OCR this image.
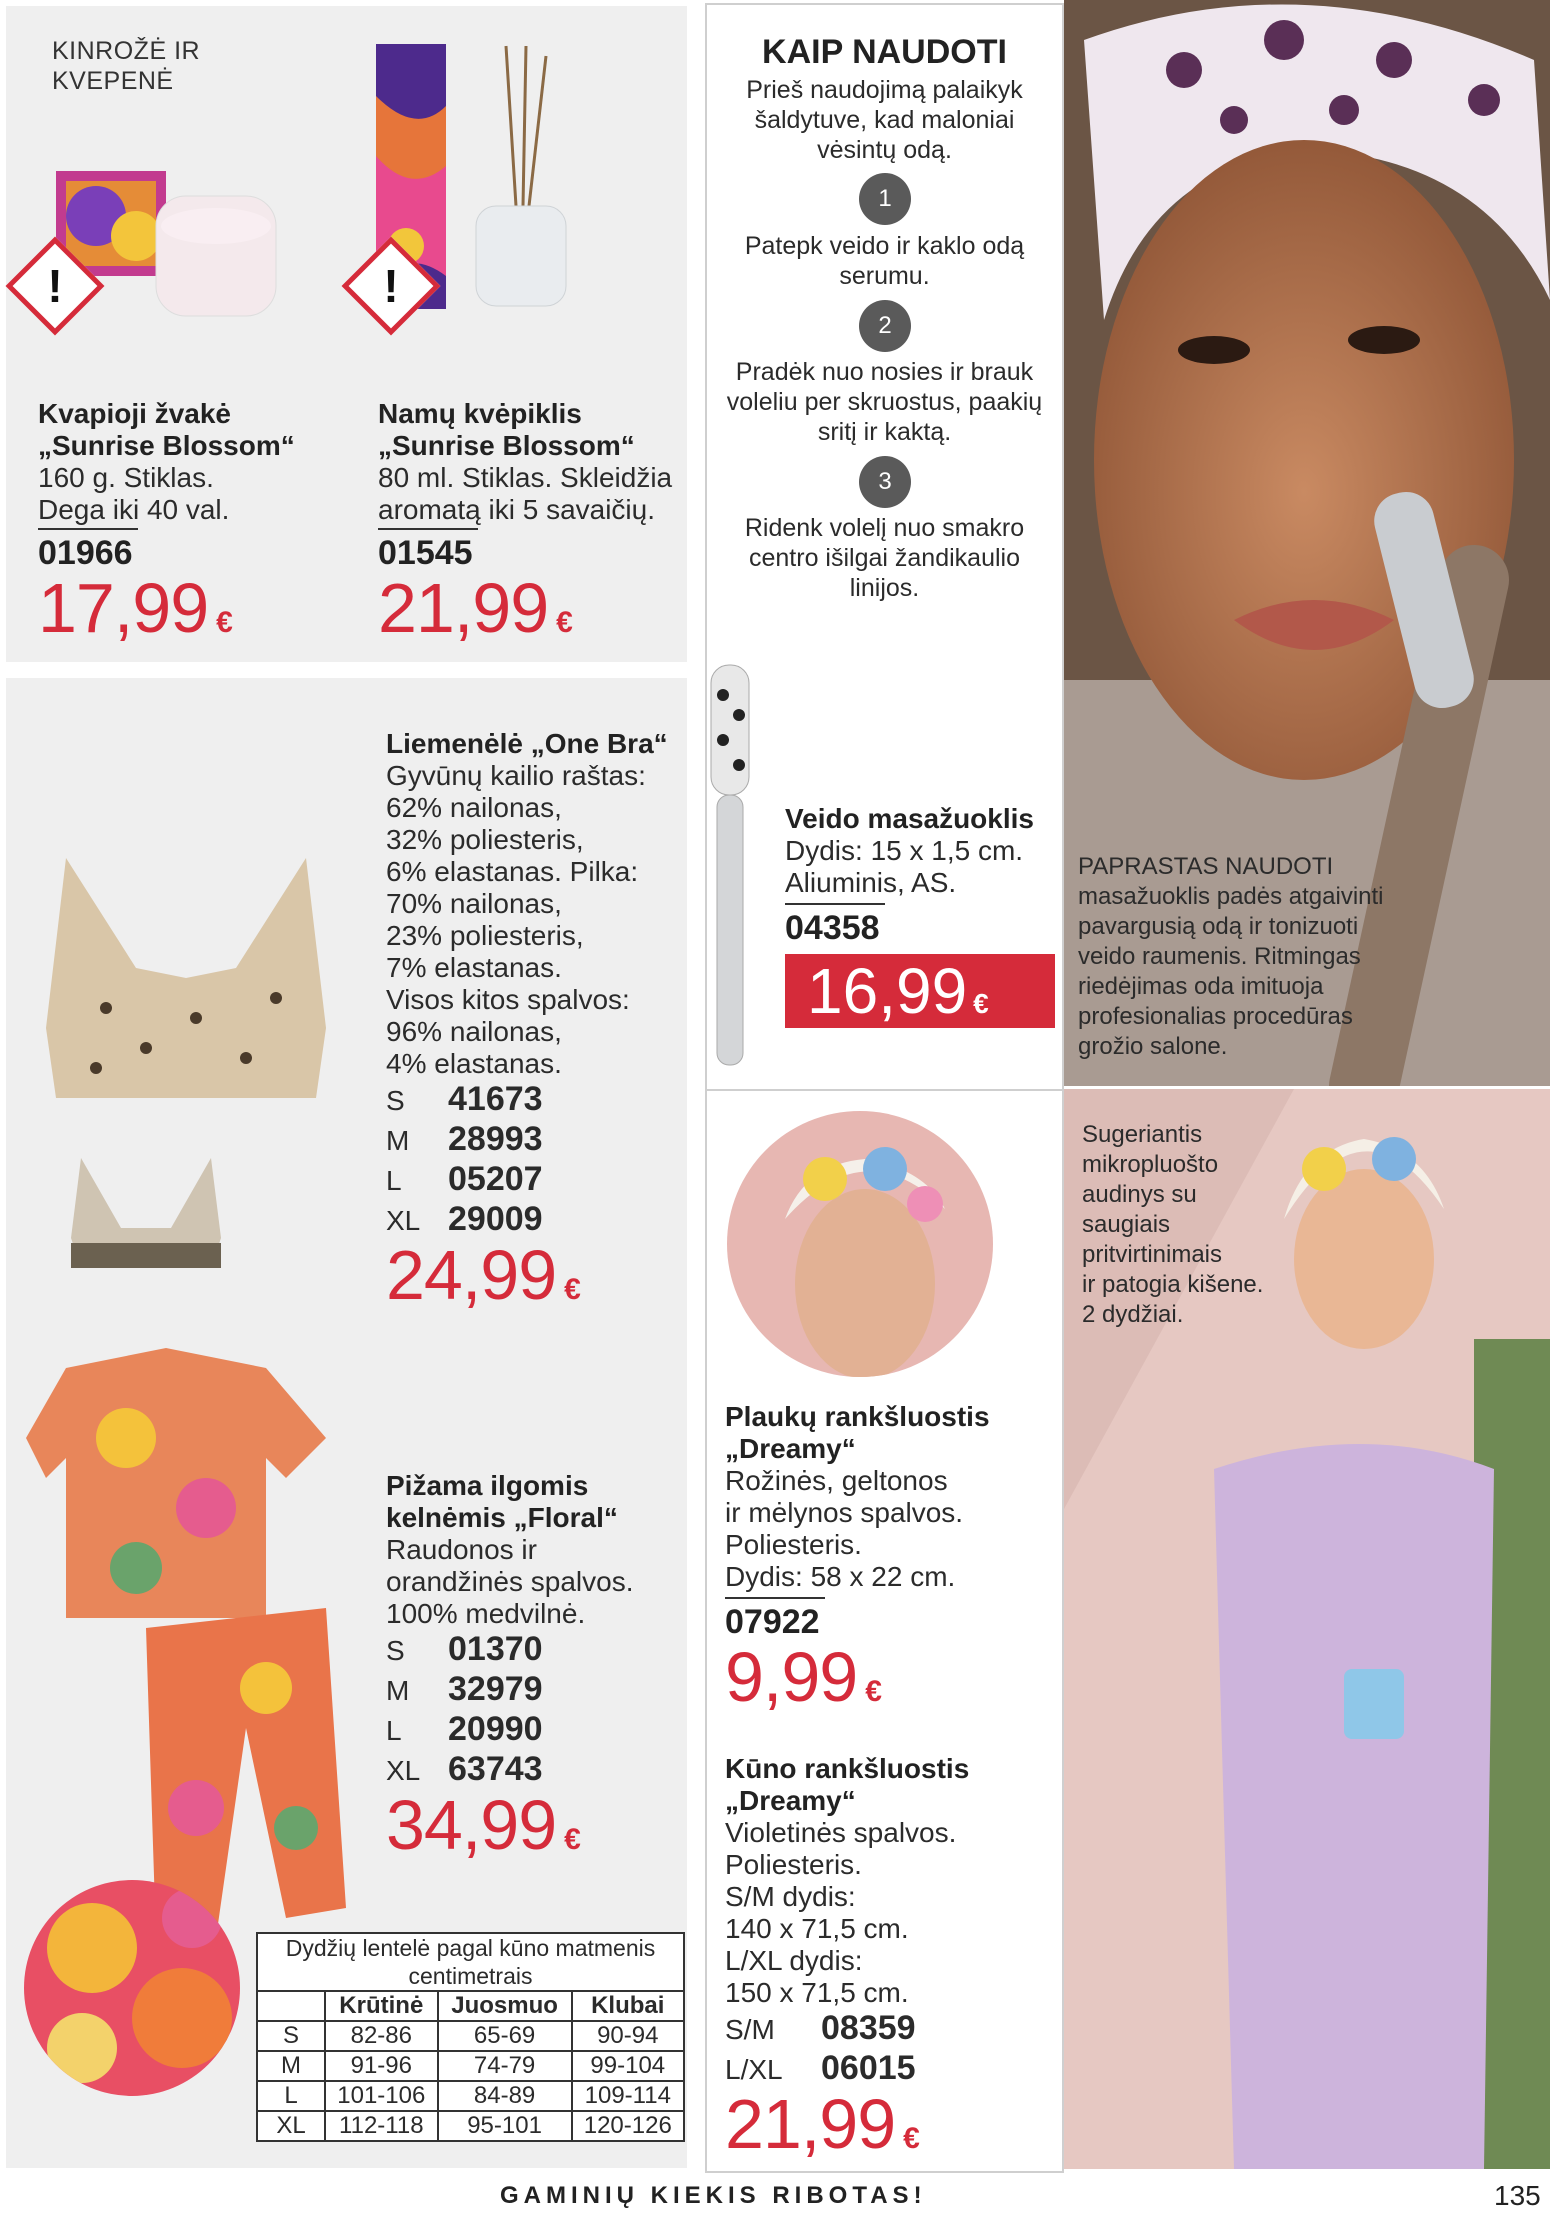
KINROŽĖ IR
KVEPENĖ
!	!
Kvapioji žvakė
„Sunrise Blossom“
160 g. Stiklas.
Dega iki 40 val.
01966
17,99 €
Namų kvėpiklis
„Sunrise Blossom“
80 ml. Stiklas. Skleidžia
aromatą iki 5 savaičių.
01545
21,99 €
KAIP NAUDOTI
Prieš naudojimą palaikyk
šaldytuve, kad maloniai
vėsintų odą.
1
Patepk veido ir kaklo odą
serumu.
2
Pradėk nuo nosies ir brauk
voleliu per skruostus, paakių
sritį ir kaktą.
3
Ridenk volelį nuo smakro
centro išilgai žandikaulio
linijos.
Veido masažuoklis
Dydis: 15 x 1,5 cm.
Aliuminis, AS.
04358
16,99 €
PAPRASTAS NAUDOTI
masažuoklis padės atgaivinti
pavargusią odą ir tonizuoti
veido raumenis. Ritmingas
riedėjimas oda imituoja
profesionalias procedūras
grožio salone.
Liemenėlė „One Bra“
Gyvūnų kailio raštas:
62% nailonas,
32% poliesteris,
6% elastanas. Pilka:
70% nailonas,
23% poliesteris,
7% elastanas.
Visos kitos spalvos:
96% nailonas,
4% elastanas.
S 41673
M 28993
L 05207
XL 29009
24,99 €
Pižama ilgomis
kelnėmis „Floral“
Raudonos ir
orandžinės spalvos.
100% medvilnė.
S 01370
M 32979
L 20990
XL 63743
34,99 €
Dydžių lentelė pagal kūno matmenis
centimetrais
	Krūtinė	Juosmuo	Klubai
S	82-86	65-69	90-94
M	91-96	74-79	99-104
L	101-106	84-89	109-114
XL	112-118	95-101	120-126
Plaukų rankšluostis
„Dreamy“
Rožinės, geltonos
ir mėlynos spalvos.
Poliesteris.
Dydis: 58 x 22 cm.
07922
9,99 €
Kūno rankšluostis
„Dreamy“
Violetinės spalvos.
Poliesteris.
S/M dydis:
140 x 71,5 cm.
L/XL dydis:
150 x 71,5 cm.
S/M 08359
L/XL 06015
21,99 €
Sugeriantis
mikropluošto
audinys su
saugiais
pritvirtinimais
ir patogia kišene.
2 dydžiai.
GAMINIŲ KIEKIS RIBOTAS!	135
